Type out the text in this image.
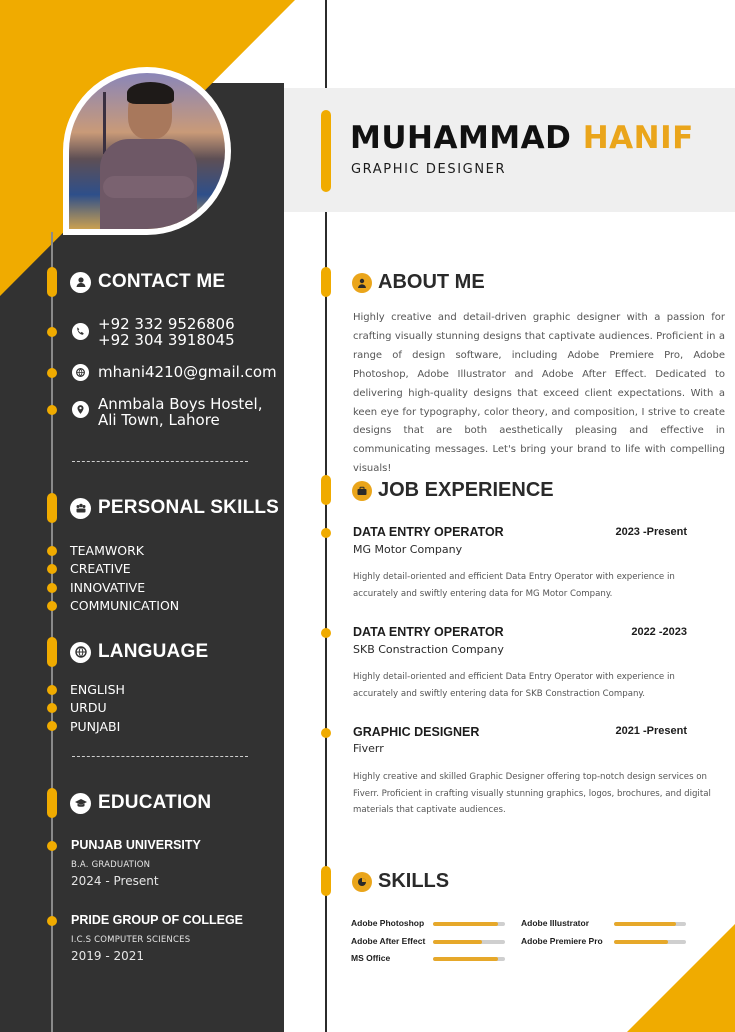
MUHAMMAD HANIF
GRAPHIC DESIGNER
CONTACT ME
+92 332 9526806
+92 304 3918045
mhani4210@gmail.com
Anmbala Boys Hostel,
Ali Town, Lahore
PERSONAL SKILLS
TEAMWORK
CREATIVE
INNOVATIVE
COMMUNICATION
LANGUAGE
ENGLISH
URDU
PUNJABI
EDUCATION
PUNJAB UNIVERSITY
B.A. GRADUATION
2024 - Present
PRIDE GROUP OF COLLEGE
I.C.S COMPUTER SCIENCES
2019 - 2021
ABOUT ME
Highly creative and detail-driven graphic designer with a passion for crafting visually stunning designs that captivate audiences. Proficient in a range of design software, including Adobe Premiere Pro, Adobe Photoshop, Adobe Illustrator and Adobe After Effect. Dedicated to delivering high-quality designs that exceed client expectations. With a keen eye for typography, color theory, and composition, I strive to create designs that are both aesthetically pleasing and effective in communicating messages. Let's bring your brand to life with compelling visuals!
JOB EXPERIENCE
DATA ENTRY OPERATOR	2023 -Present
MG Motor Company
Highly detail-oriented and efficient Data Entry Operator with experience in accurately and swiftly entering data for MG Motor Company.
DATA ENTRY OPERATOR	2022 -2023
SKB Constraction Company
Highly detail-oriented and efficient Data Entry Operator with experience in accurately and swiftly entering data for SKB Constraction Company.
GRAPHIC DESIGNER	2021 -Present
Fiverr
Highly creative and skilled Graphic Designer offering top-notch design services on Fiverr. Proficient in crafting visually stunning graphics, logos, brochures, and digital materials that captivate audiences.
SKILLS
Adobe Photoshop
Adobe After Effect
MS Office
Adobe Illustrator
Adobe Premiere Pro
